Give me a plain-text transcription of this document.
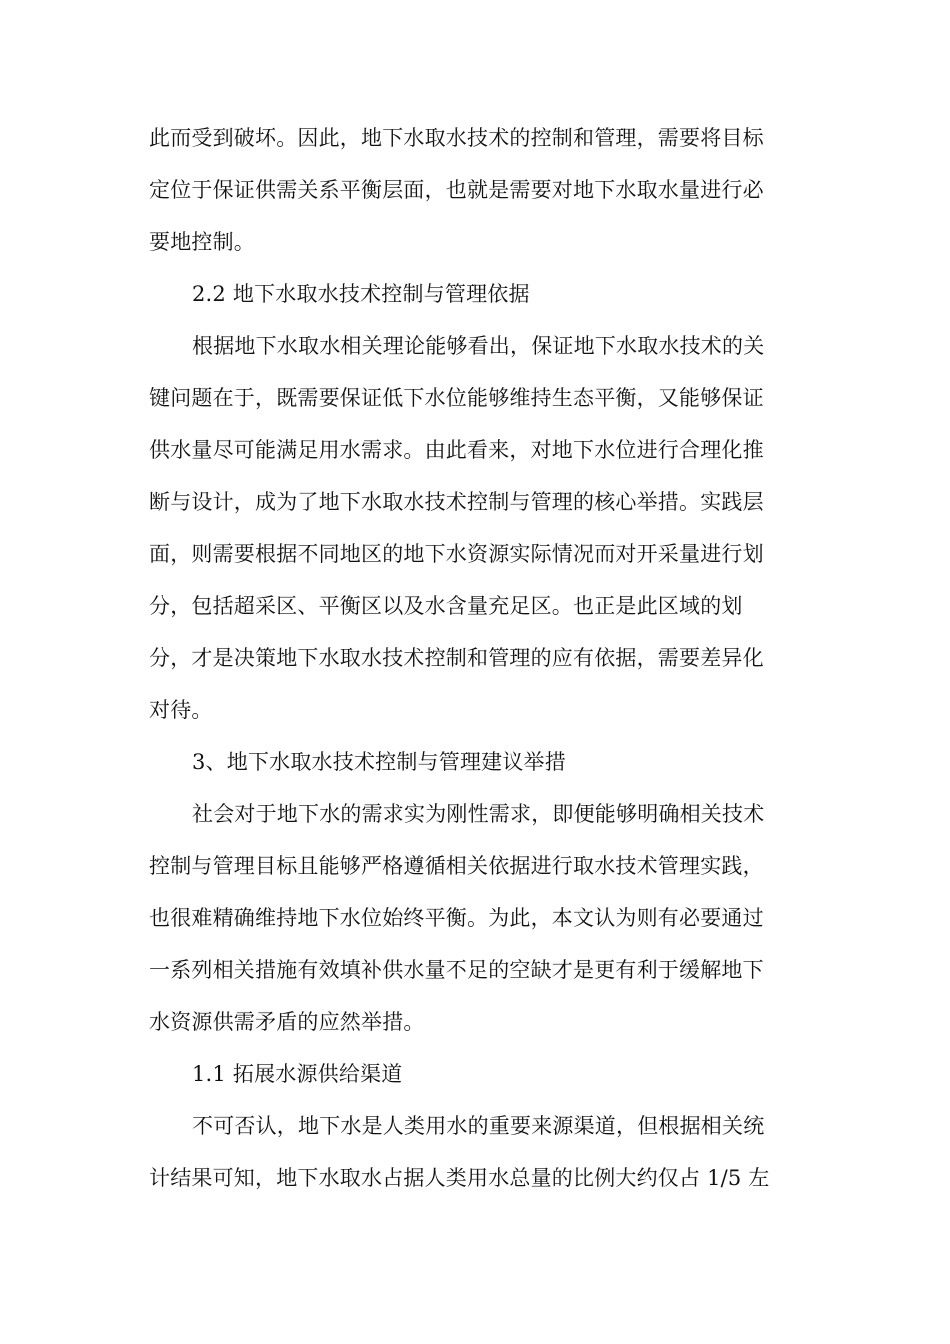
此而受到破坏。因此，地下水取水技术的控制和管理，需要将目标
定位于保证供需关系平衡层面，也就是需要对地下水取水量进行必
要地控制。
2.2 地下水取水技术控制与管理依据
根据地下水取水相关理论能够看出，保证地下水取水技术的关
键问题在于，既需要保证低下水位能够维持生态平衡，又能够保证
供水量尽可能满足用水需求。由此看来，对地下水位进行合理化推
断与设计，成为了地下水取水技术控制与管理的核心举措。实践层
面，则需要根据不同地区的地下水资源实际情况而对开采量进行划
分，包括超采区、平衡区以及水含量充足区。也正是此区域的划
分，才是决策地下水取水技术控制和管理的应有依据，需要差异化
对待。
3、地下水取水技术控制与管理建议举措
社会对于地下水的需求实为刚性需求，即便能够明确相关技术
控制与管理目标且能够严格遵循相关依据进行取水技术管理实践，
也很难精确维持地下水位始终平衡。为此，本文认为则有必要通过
一系列相关措施有效填补供水量不足的空缺才是更有利于缓解地下
水资源供需矛盾的应然举措。
1.1 拓展水源供给渠道
不可否认，地下水是人类用水的重要来源渠道，但根据相关统
计结果可知，地下水取水占据人类用水总量的比例大约仅占 1/5 左
